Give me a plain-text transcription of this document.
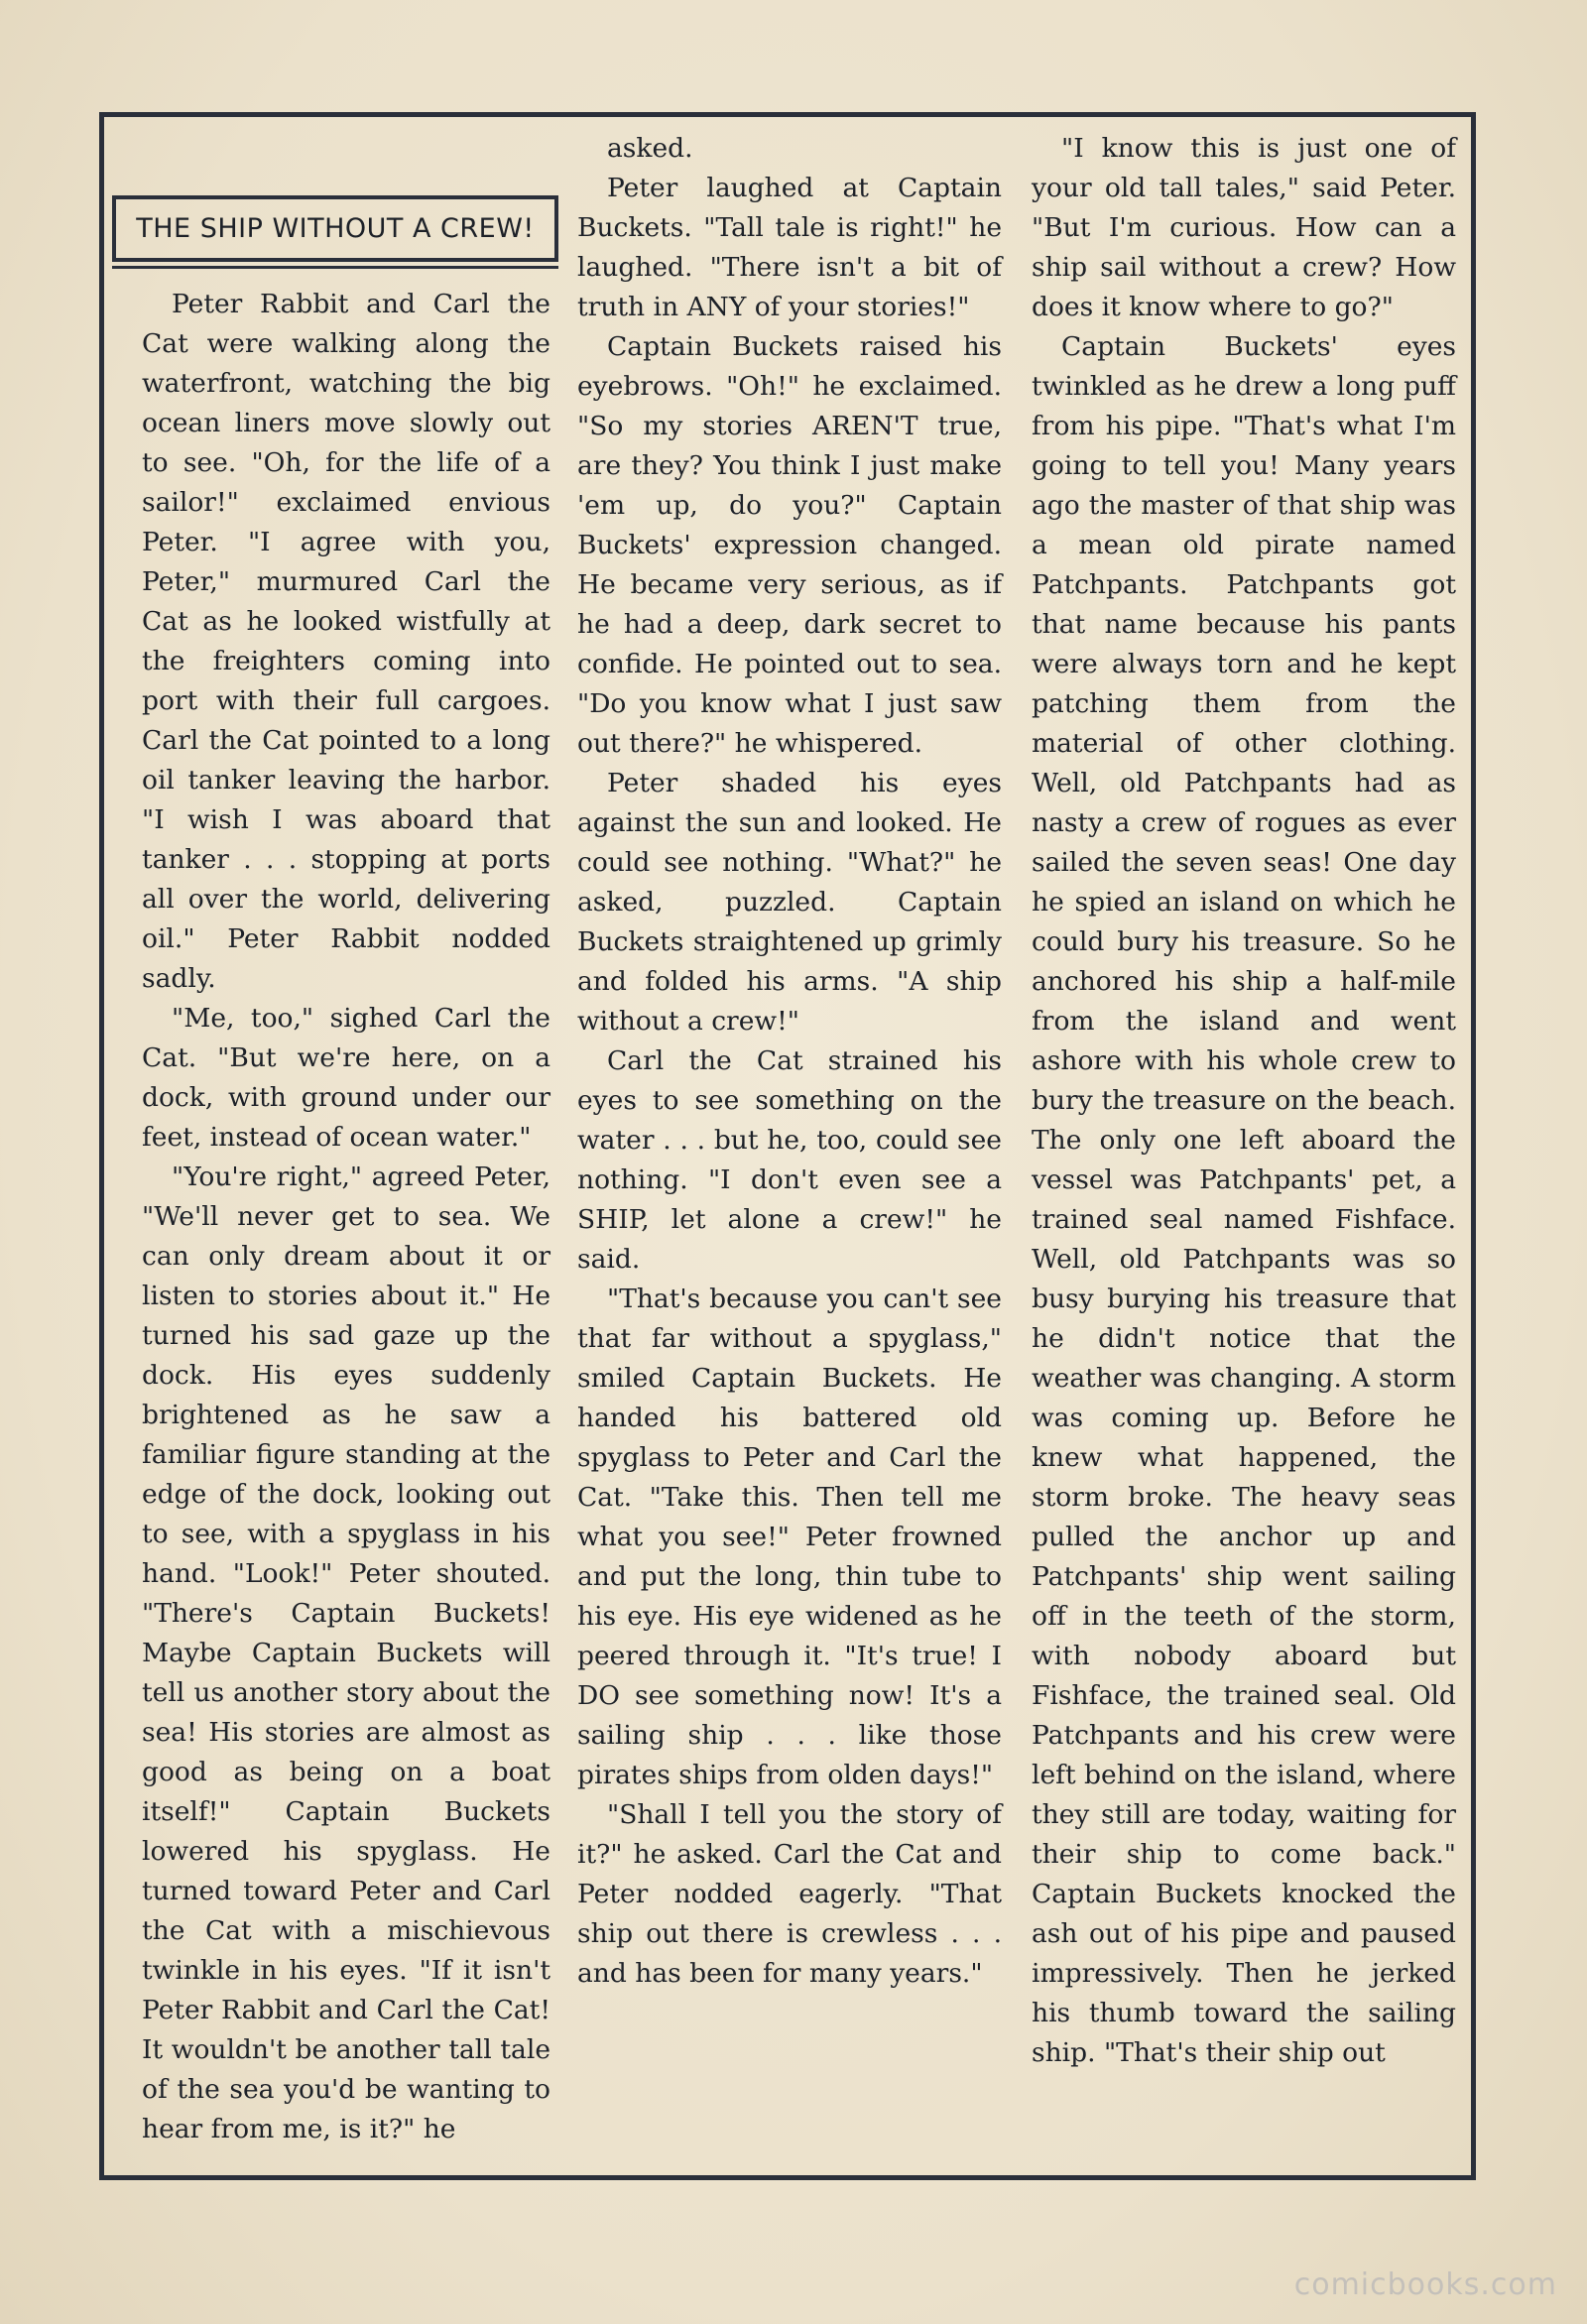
THE SHIP WITHOUT A CREW!

Peter Rabbit and Carl the Cat were walking along the waterfront, watching the big ocean liners move slowly out to see. "Oh, for the life of a sailor!" exclaimed envious Peter. "I agree with you, Peter," murmured Carl the Cat as he looked wistfully at the freighters coming into port with their full cargoes. Carl the Cat pointed to a long oil tanker leaving the harbor. "I wish I was aboard that tanker . . . stopping at ports all over the world, delivering oil." Peter Rabbit nodded sadly.

"Me, too," sighed Carl the Cat. "But we're here, on a dock, with ground under our feet, instead of ocean water."

"You're right," agreed Peter, "We'll never get to sea. We can only dream about it or listen to stories about it." He turned his sad gaze up the dock. His eyes suddenly brightened as he saw a familiar figure standing at the edge of the dock, looking out to see, with a spyglass in his hand. "Look!" Peter shouted. "There's Captain Buckets! Maybe Captain Buckets will tell us another story about the sea! His stories are almost as good as being on a boat itself!" Captain Buckets lowered his spyglass. He turned toward Peter and Carl the Cat with a mischievous twinkle in his eyes. "If it isn't Peter Rabbit and Carl the Cat! It wouldn't be another tall tale of the sea you'd be wanting to hear from me, is it?" he

asked.

Peter laughed at Captain Buckets. "Tall tale is right!" he laughed. "There isn't a bit of truth in ANY of your stories!"

Captain Buckets raised his eyebrows. "Oh!" he exclaimed. "So my stories AREN'T true, are they? You think I just make 'em up, do you?" Captain Buckets' expression changed. He became very serious, as if he had a deep, dark secret to confide. He pointed out to sea. "Do you know what I just saw out there?" he whispered.

Peter shaded his eyes against the sun and looked. He could see nothing. "What?" he asked, puzzled. Captain Buckets straightened up grimly and folded his arms. "A ship without a crew!"

Carl the Cat strained his eyes to see something on the water . . . but he, too, could see nothing. "I don't even see a SHIP, let alone a crew!" he said.

"That's because you can't see that far without a spyglass," smiled Captain Buckets. He handed his battered old spyglass to Peter and Carl the Cat. "Take this. Then tell me what you see!" Peter frowned and put the long, thin tube to his eye. His eye widened as he peered through it. "It's true! I DO see something now! It's a sailing ship . . . like those pirates ships from olden days!"

"Shall I tell you the story of it?" he asked. Carl the Cat and Peter nodded eagerly. "That ship out there is crewless . . . and has been for many years."

"I know this is just one of your old tall tales," said Peter. "But I'm curious. How can a ship sail without a crew? How does it know where to go?"

Captain Buckets' eyes twinkled as he drew a long puff from his pipe. "That's what I'm going to tell you! Many years ago the master of that ship was a mean old pirate named Patchpants. Patchpants got that name because his pants were always torn and he kept patching them from the material of other clothing. Well, old Patchpants had as nasty a crew of rogues as ever sailed the seven seas! One day he spied an island on which he could bury his treasure. So he anchored his ship a half-mile from the island and went ashore with his whole crew to bury the treasure on the beach. The only one left aboard the vessel was Patchpants' pet, a trained seal named Fishface. Well, old Patchpants was so busy burying his treasure that he didn't notice that the weather was changing. A storm was coming up. Before he knew what happened, the storm broke. The heavy seas pulled the anchor up and Patchpants' ship went sailing off in the teeth of the storm, with nobody aboard but Fishface, the trained seal. Old Patchpants and his crew were left behind on the island, where they still are today, waiting for their ship to come back." Captain Buckets knocked the ash out of his pipe and paused impressively. Then he jerked his thumb toward the sailing ship. "That's their ship out

comicbooks.com
